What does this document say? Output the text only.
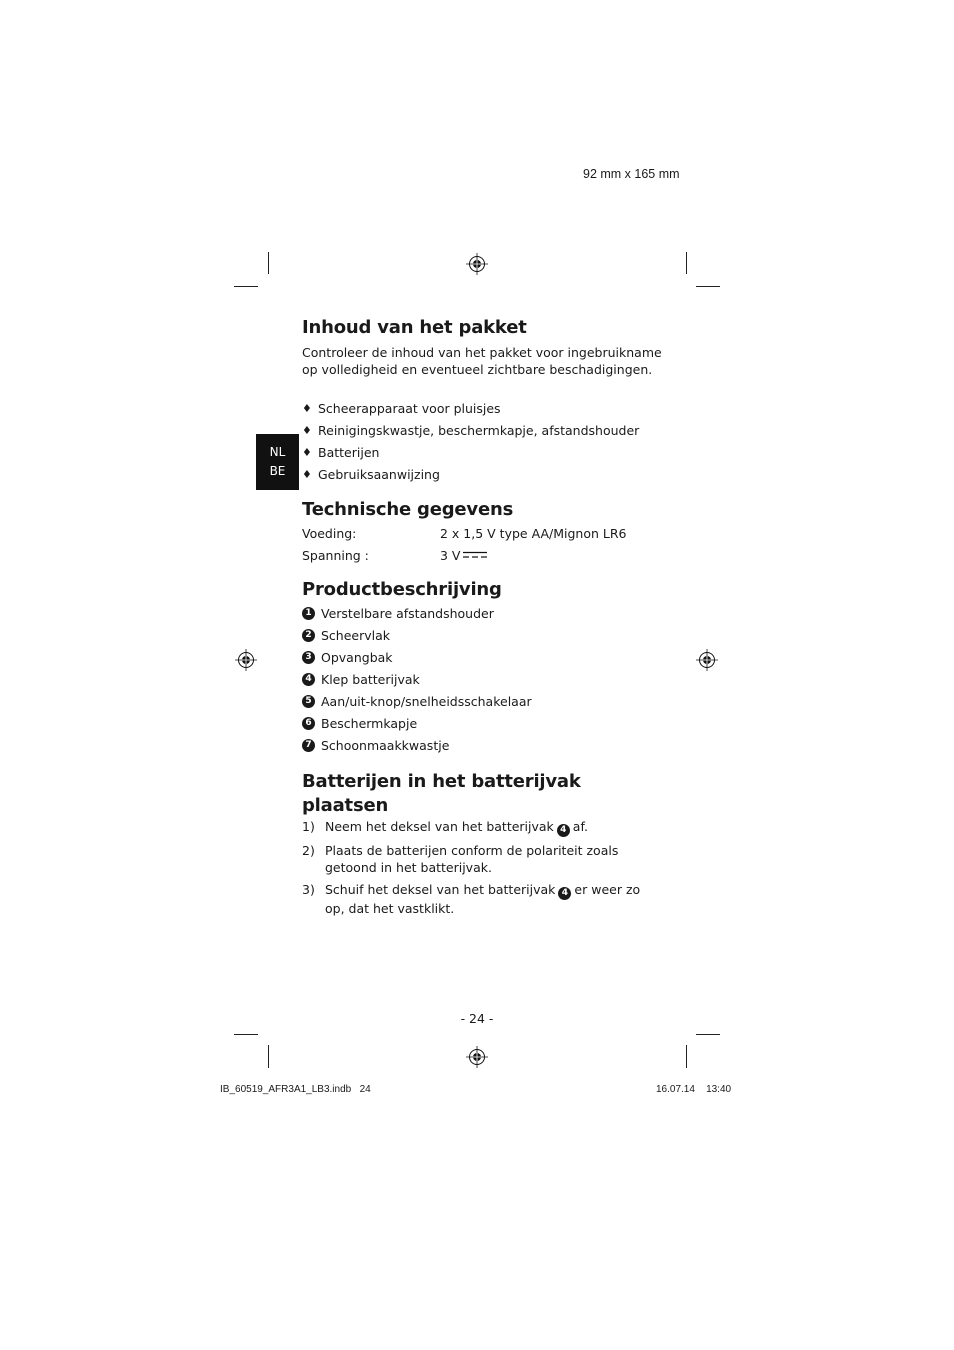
92 mm x 165 mm
NL
BE
Inhoud van het pakket

Controleer de inhoud van het pakket voor ingebruikname op volledigheid en eventueel zichtbare beschadigingen.

♦ Scheerapparaat voor pluisjes
♦ Reinigingskwastje, beschermkapje, afstandshouder
♦ Batterijen
♦ Gebruiksaanwijzing
Technische gegevens
Voeding:	2 x 1,5 V type AA/Mignon LR6
Spanning :	3 V
Productbeschrijving
1 Verstelbare afstandshouder
2 Scheervlak
3 Opvangbak
4 Klep batterijvak
5 Aan/uit-knop/snelheidsschakelaar
6 Beschermkapje
7 Schoonmaakkwastje
Batterijen in het batterijvak plaatsen
1) Neem het deksel van het batterijvak 4 af.
2) Plaats de batterijen conform de polariteit zoals getoond in het batterijvak.
3) Schuif het deksel van het batterijvak 4 er weer zo op, dat het vastklikt.
- 24 -
IB_60519_AFR3A1_LB3.indb 24	16.07.14 13:40
